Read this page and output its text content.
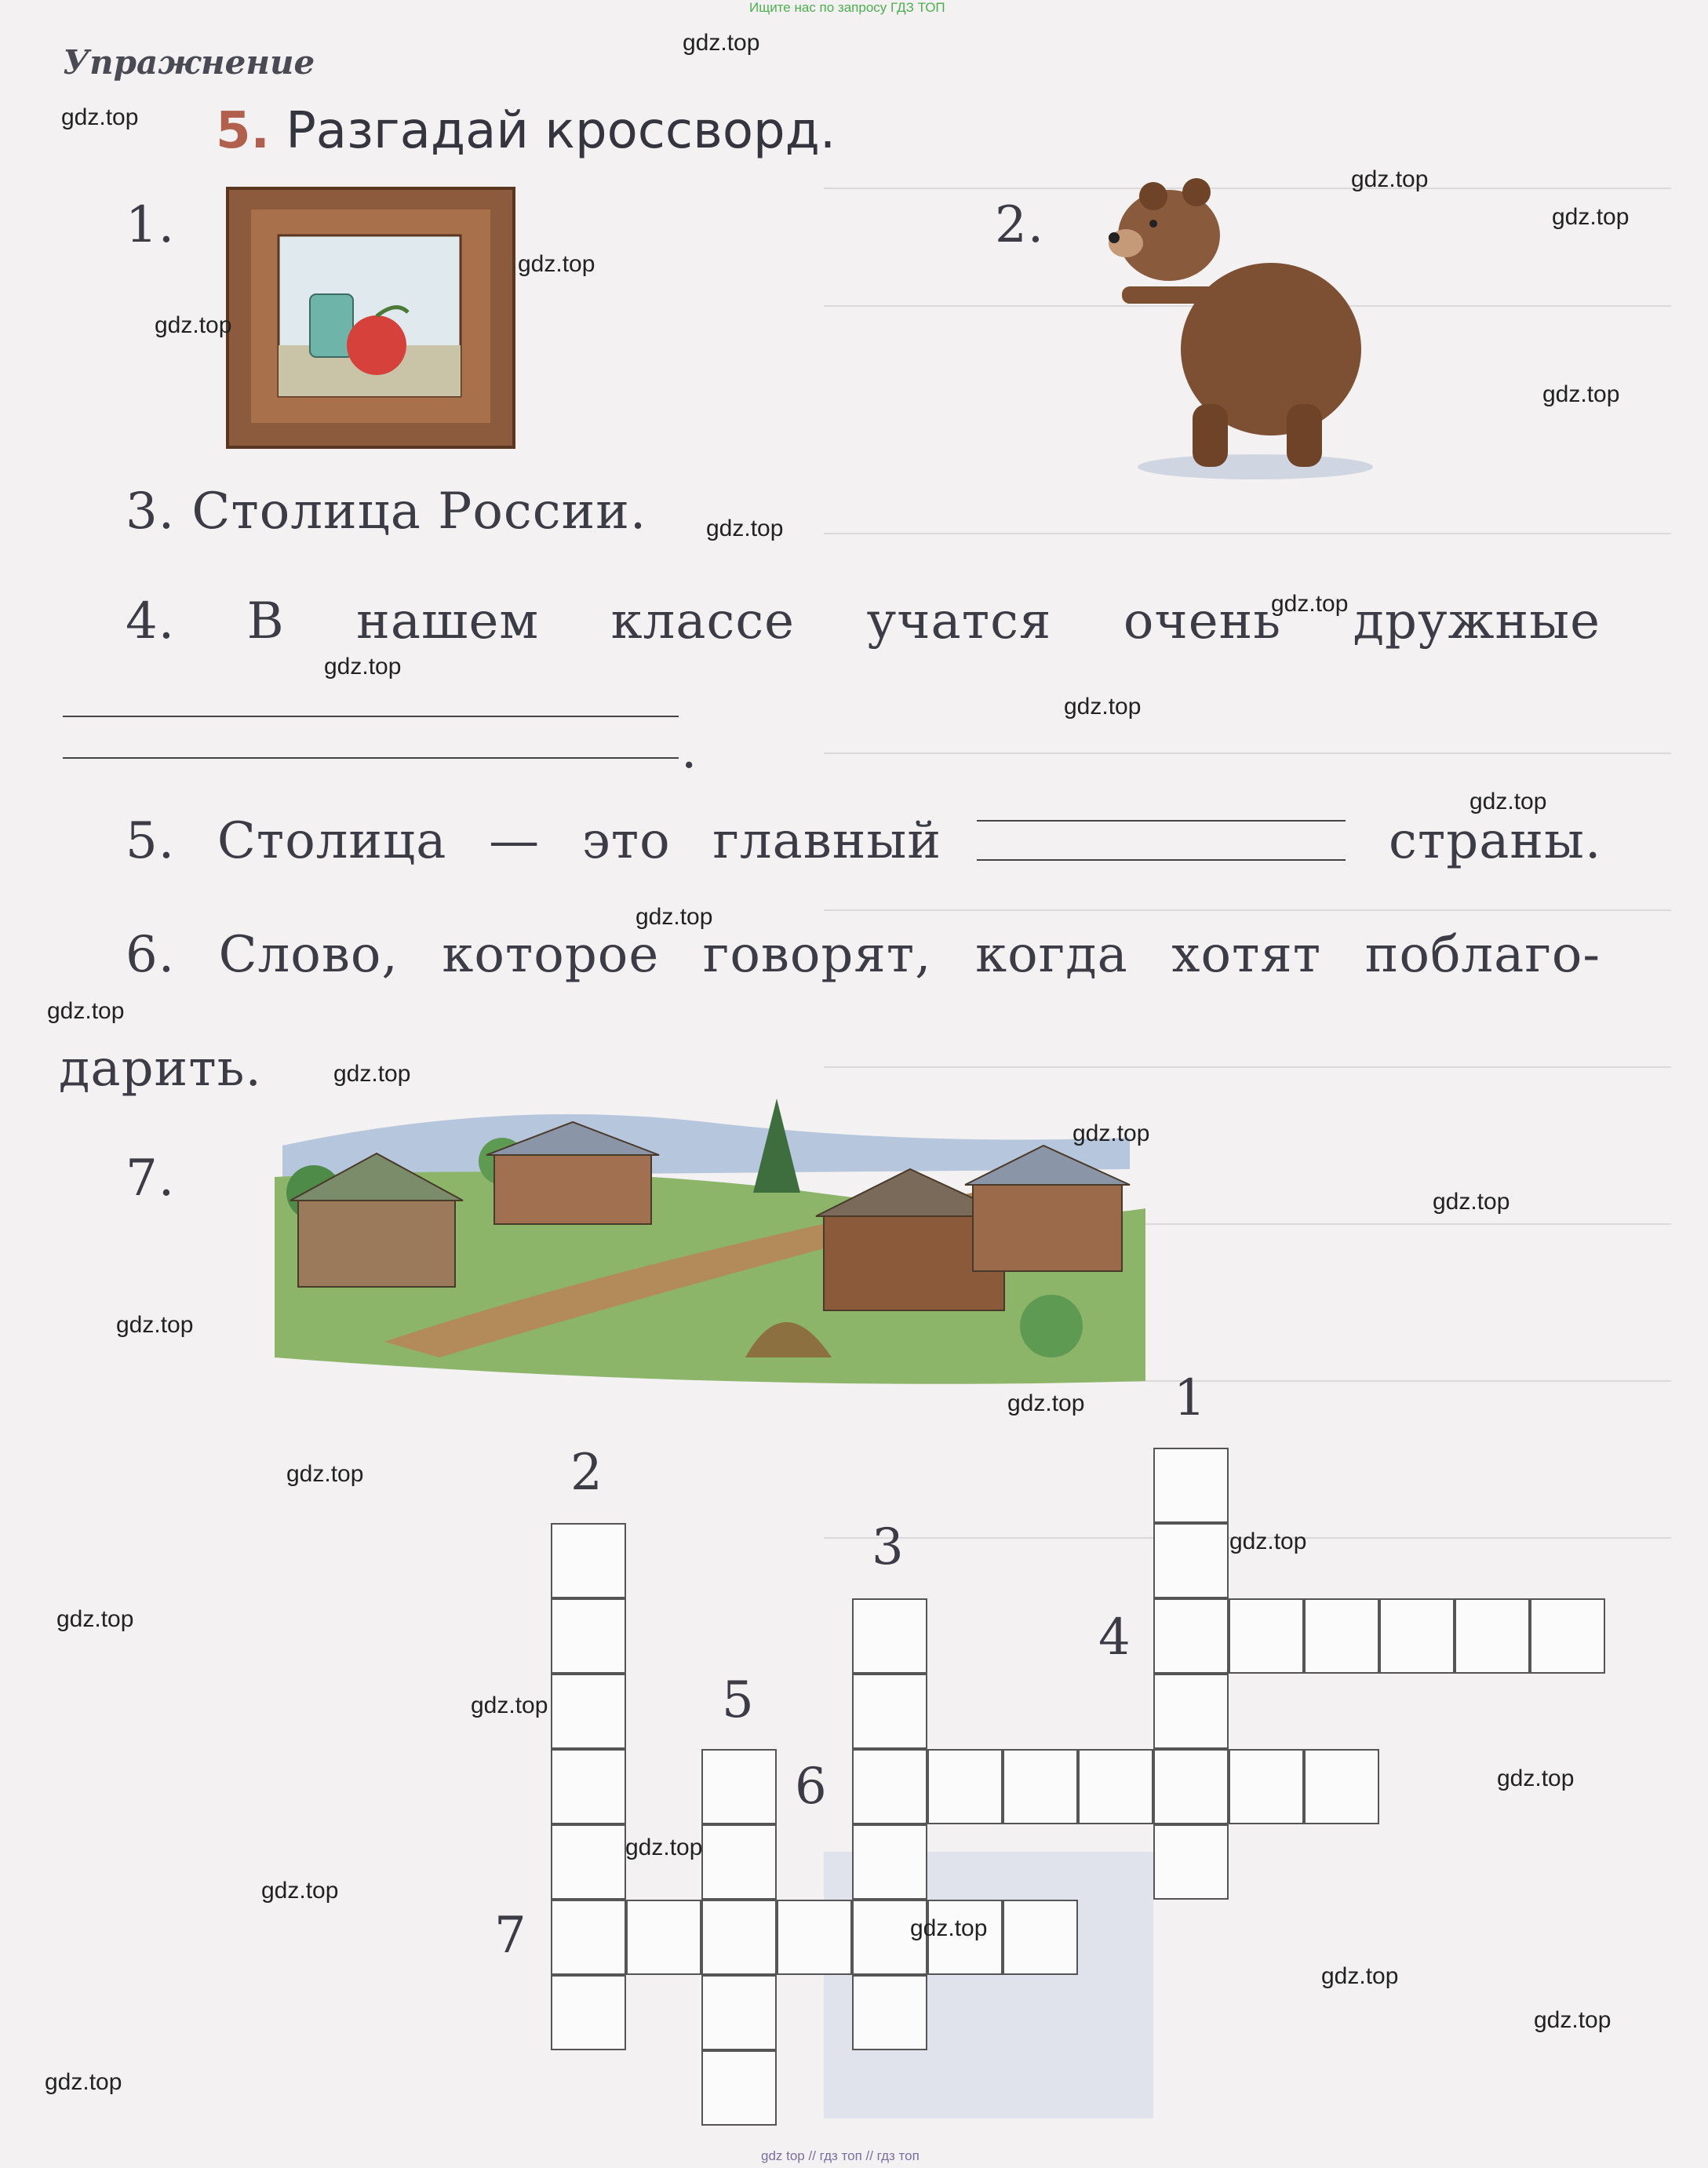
Ищите нас по запросу ГДЗ ТОП
Упражнение
5. Разгадай кроссворд.
1.	2.
3. Столица России.
4. В нашем классе учатся очень дружные
.
5. Столица — это главный	страны.
6. Слово, которое говорят, когда хотят поблаго-
дарить.
7.
1
2
3
4
5
6
7
gdz.top
gdz.top
gdz.top
gdz.top
gdz.top
gdz.top
gdz.top
gdz.top
gdz.top
gdz.top
gdz.top
gdz.top
gdz.top
gdz.top
gdz.top
gdz.top
gdz.top
gdz.top
gdz.top
gdz.top
gdz.top
gdz.top
gdz.top
gdz.top
gdz.top
gdz.top
gdz.top
gdz.top
gdz.top
gdz.top
gdz top // гдз топ // гдз топ
